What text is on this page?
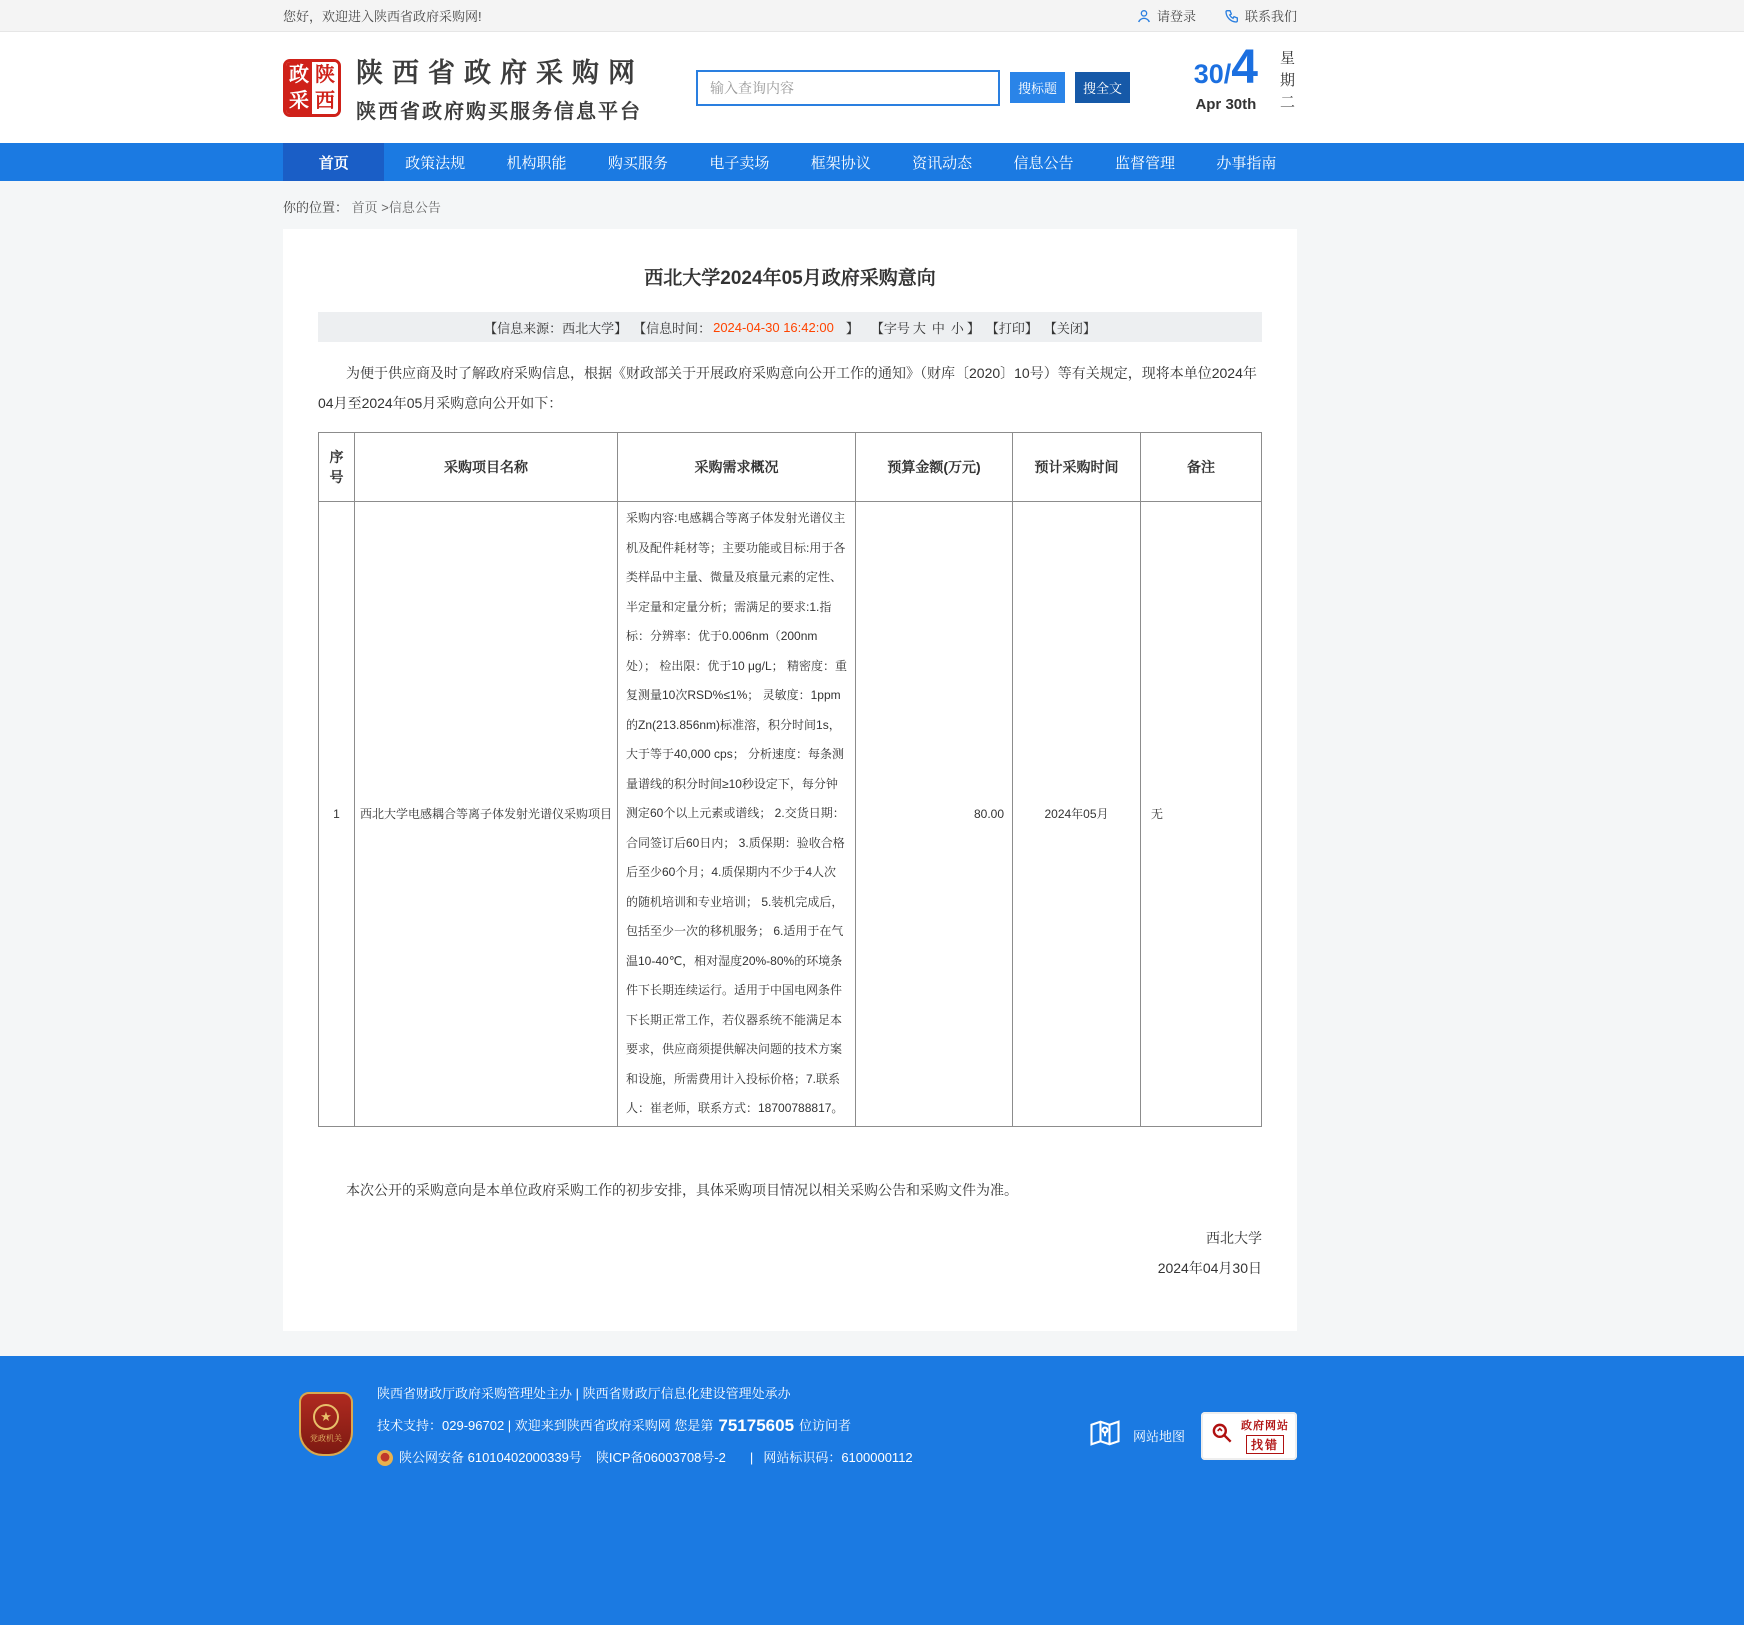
您好，欢迎进入陕西省政府采购网!	请登录	联系我们
政 陕
采 西
陕西省政府采购网
陕西省政府购买服务信息平台
输入查询内容
搜标题	搜全文	30 / 4
Apr 30th 星期二
首页	政策法规	机构职能	购买服务	电子卖场	框架协议	资讯动态	信息公告	监督管理	办事指南
你的位置： 首页 >信息公告
西北大学2024年05月政府采购意向
【信息来源：西北大学】 【信息时间： 2024-04-30 16:42:00 】 【字号 大 中 小 】 【打印】 【关闭】

为便于供应商及时了解政府采购信息，根据《财政部关于开展政府采购意向公开工作的通知》（财库〔2020〕10号）等有关规定，现将本单位2024年04月至2024年05月采购意向公开如下：

序号	采购项目名称	采购需求概况	预算金额(万元)	预计采购时间	备注
1	西北大学电感耦合等离子体发射光谱仪采购项目	采购内容:电感耦合等离子体发射光谱仪主机及配件耗材等；主要功能或目标:用于各类样品中主量、微量及痕量元素的定性、半定量和定量分析；需满足的要求:1.指标：分辨率：优于0.006nm（200nm处）； 检出限：优于10 μg/L； 精密度：重复测量10次RSD%≤1%； 灵敏度：1ppm的Zn(213.856nm)标准溶，积分时间1s，大于等于40,000 cps； 分析速度：每条测量谱线的积分时间≥10秒设定下，每分钟测定60个以上元素或谱线； 2.交货日期：合同签订后60日内； 3.质保期：验收合格后至少60个月；4.质保期内不少于4人次的随机培训和专业培训； 5.装机完成后，包括至少一次的移机服务； 6.适用于在气温10-40℃，相对湿度20%-80%的环境条件下长期连续运行。适用于中国电网条件下长期正常工作，若仪器系统不能满足本要求，供应商须提供解决问题的技术方案和设施，所需费用计入投标价格；7.联系人：崔老师，联系方式：18700788817。	80.00	2024年05月	无

本次公开的采购意向是本单位政府采购工作的初步安排，具体采购项目情况以相关采购公告和采购文件为准。

西北大学
2024年04月30日
★
党政机关
陕西省财政厅政府采购管理处主办 | 陕西省财政厅信息化建设管理处承办
技术支持：029-96702 | 欢迎来到陕西省政府采购网 您是第 75175605 位访问者
陕公网安备 61010402000339号 陕ICP备06003708号-2 | 网站标识码：6100000112
网站地图
政府网站
找错
